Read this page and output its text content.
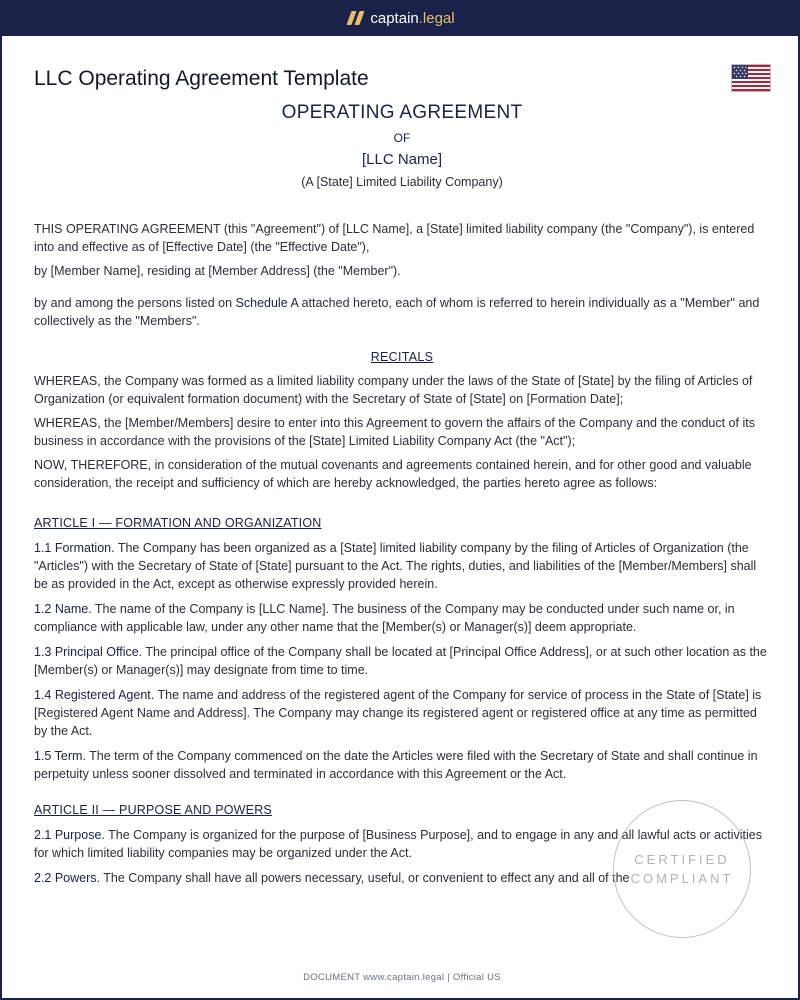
captain.legal
LLC Operating Agreement Template
OPERATING AGREEMENT
OF
[LLC Name]
(A [State] Limited Liability Company)

THIS OPERATING AGREEMENT (this "Agreement") of [LLC Name], a [State] limited liability company (the "Company"), is entered into and effective as of [Effective Date] (the "Effective Date"),

by [Member Name], residing at [Member Address] (the "Member").

by and among the persons listed on Schedule A attached hereto, each of whom is referred to herein individually as a "Member" and collectively as the "Members".

RECITALS

WHEREAS, the Company was formed as a limited liability company under the laws of the State of [State] by the filing of Articles of Organization (or equivalent formation document) with the Secretary of State of [State] on [Formation Date];

WHEREAS, the [Member/Members] desire to enter into this Agreement to govern the affairs of the Company and the conduct of its business in accordance with the provisions of the [State] Limited Liability Company Act (the "Act");

NOW, THEREFORE, in consideration of the mutual covenants and agreements contained herein, and for other good and valuable consideration, the receipt and sufficiency of which are hereby acknowledged, the parties hereto agree as follows:

ARTICLE I — FORMATION AND ORGANIZATION

1.1 Formation. The Company has been organized as a [State] limited liability company by the filing of Articles of Organization (the "Articles") with the Secretary of State of [State] pursuant to the Act. The rights, duties, and liabilities of the [Member/Members] shall be as provided in the Act, except as otherwise expressly provided herein.

1.2 Name. The name of the Company is [LLC Name]. The business of the Company may be conducted under such name or, in compliance with applicable law, under any other name that the [Member(s) or Manager(s)] deem appropriate.

1.3 Principal Office. The principal office of the Company shall be located at [Principal Office Address], or at such other location as the [Member(s) or Manager(s)] may designate from time to time.

1.4 Registered Agent. The name and address of the registered agent of the Company for service of process in the State of [State] is [Registered Agent Name and Address]. The Company may change its registered agent or registered office at any time as permitted by the Act.

1.5 Term. The term of the Company commenced on the date the Articles were filed with the Secretary of State and shall continue in perpetuity unless sooner dissolved and terminated in accordance with this Agreement or the Act.

ARTICLE II — PURPOSE AND POWERS

2.1 Purpose. The Company is organized for the purpose of [Business Purpose], and to engage in any and all lawful acts or activities for which limited liability companies may be organized under the Act.

2.2 Powers. The Company shall have all powers necessary, useful, or convenient to effect any and all of the

CERTIFIED
COMPLIANT
DOCUMENT www.captain.legal | Official US
